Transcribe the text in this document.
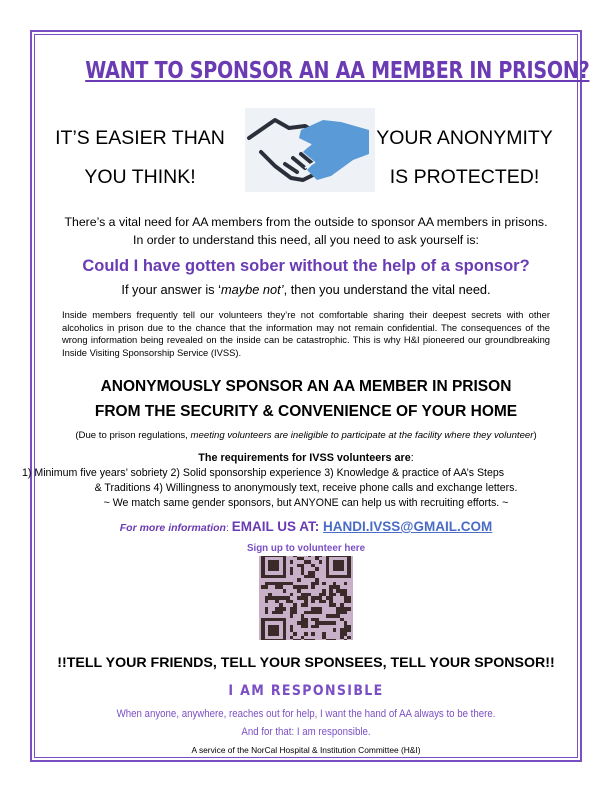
WANT TO SPONSOR AN AA MEMBER IN PRISON?
IT’S EASIER THAN
YOU THINK!
YOUR ANONYMITY
IS PROTECTED!
There’s a vital need for AA members from the outside to sponsor AA members in prisons.
In order to understand this need, all you need to ask yourself is:
Could I have gotten sober without the help of a sponsor?
If your answer is ‘maybe not’, then you understand the vital need.
Inside members frequently tell our volunteers they’re not comfortable sharing their deepest secrets with other alcoholics in prison due to the chance that the information may not remain confidential. The consequences of the wrong information being revealed on the inside can be catastrophic. This is why H&I pioneered our groundbreaking Inside Visiting Sponsorship Service (IVSS).
ANONYMOUSLY SPONSOR AN AA MEMBER IN PRISON
FROM THE SECURITY & CONVENIENCE OF YOUR HOME
(Due to prison regulations, meeting volunteers are ineligible to participate at the facility where they volunteer)
The requirements for IVSS volunteers are:
1) Minimum five years’ sobriety 2) Solid sponsorship experience 3) Knowledge & practice of AA’s Steps
& Traditions 4) Willingness to anonymously text, receive phone calls and exchange letters.
~ We match same gender sponsors, but ANYONE can help us with recruiting efforts. ~
For more information: EMAIL US AT: HANDI.IVSS@GMAIL.COM
Sign up to volunteer here
!!TELL YOUR FRIENDS, TELL YOUR SPONSEES, TELL YOUR SPONSOR!!
I AM RESPONSIBLE
When anyone, anywhere, reaches out for help, I want the hand of AA always to be there.
And for that: I am responsible.
A service of the NorCal Hospital & Institution Committee (H&I)
